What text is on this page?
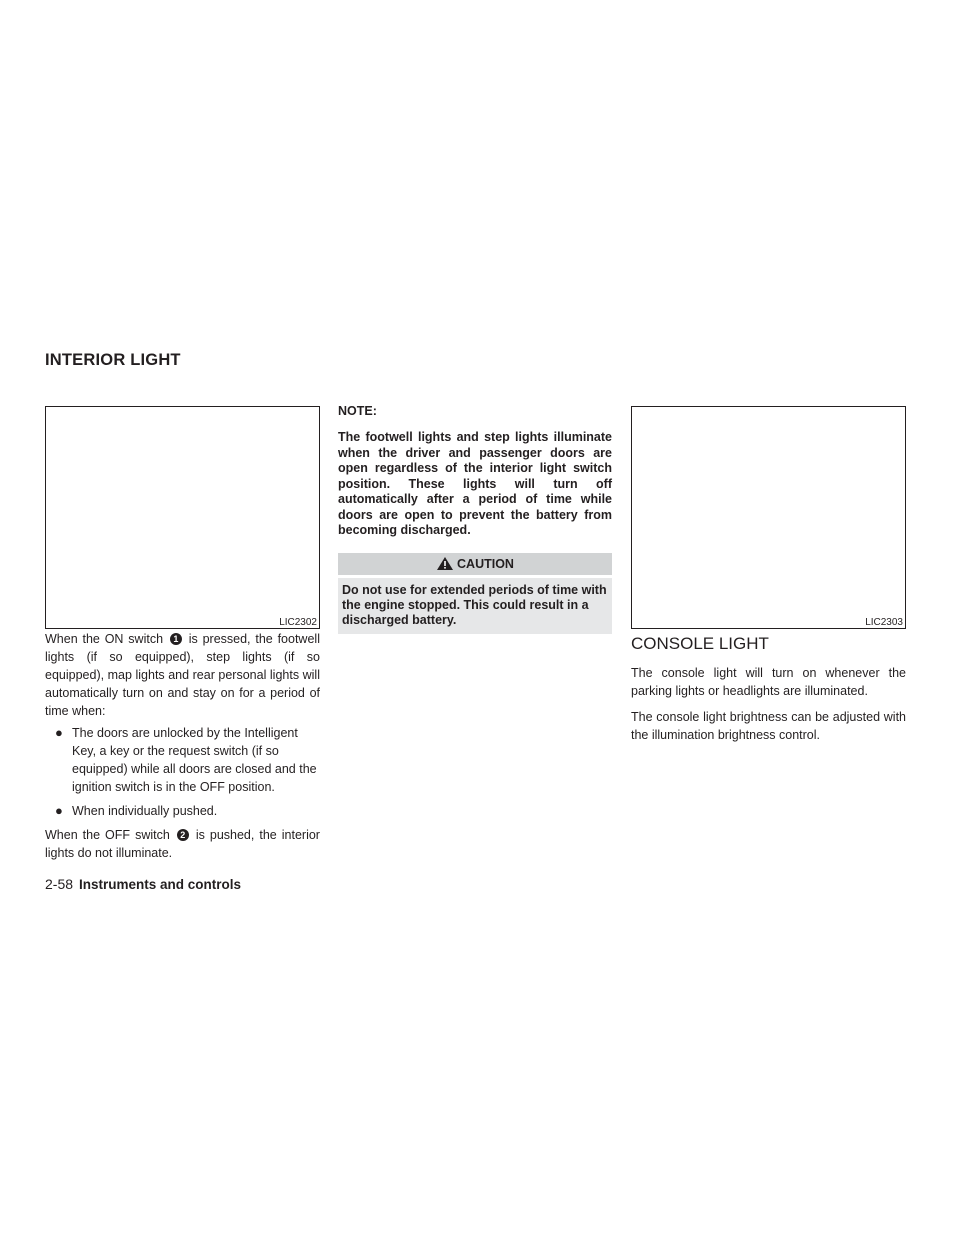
INTERIOR LIGHT
LIC2302	LIC2303

When the ON switch 1 is pressed, the footwell lights (if so equipped), step lights (if so equipped), map lights and rear personal lights will automatically turn on and stay on for a period of time when:

● The doors are unlocked by the Intelligent Key, a key or the request switch (if so equipped) while all doors are closed and the ignition switch is in the OFF position.
● When individually pushed.

When the OFF switch 2 is pushed, the interior lights do not illuminate.

NOTE:

The footwell lights and step lights illuminate when the driver and passenger doors are open regardless of the interior light switch position. These lights will turn off automatically after a period of time while doors are open to prevent the battery from becoming discharged.

CAUTION
Do not use for extended periods of time with the engine stopped. This could result in a discharged battery.
CONSOLE LIGHT

The console light will turn on whenever the parking lights or headlights are illuminated.

The console light brightness can be adjusted with the illumination brightness control.

2-58 Instruments and controls
